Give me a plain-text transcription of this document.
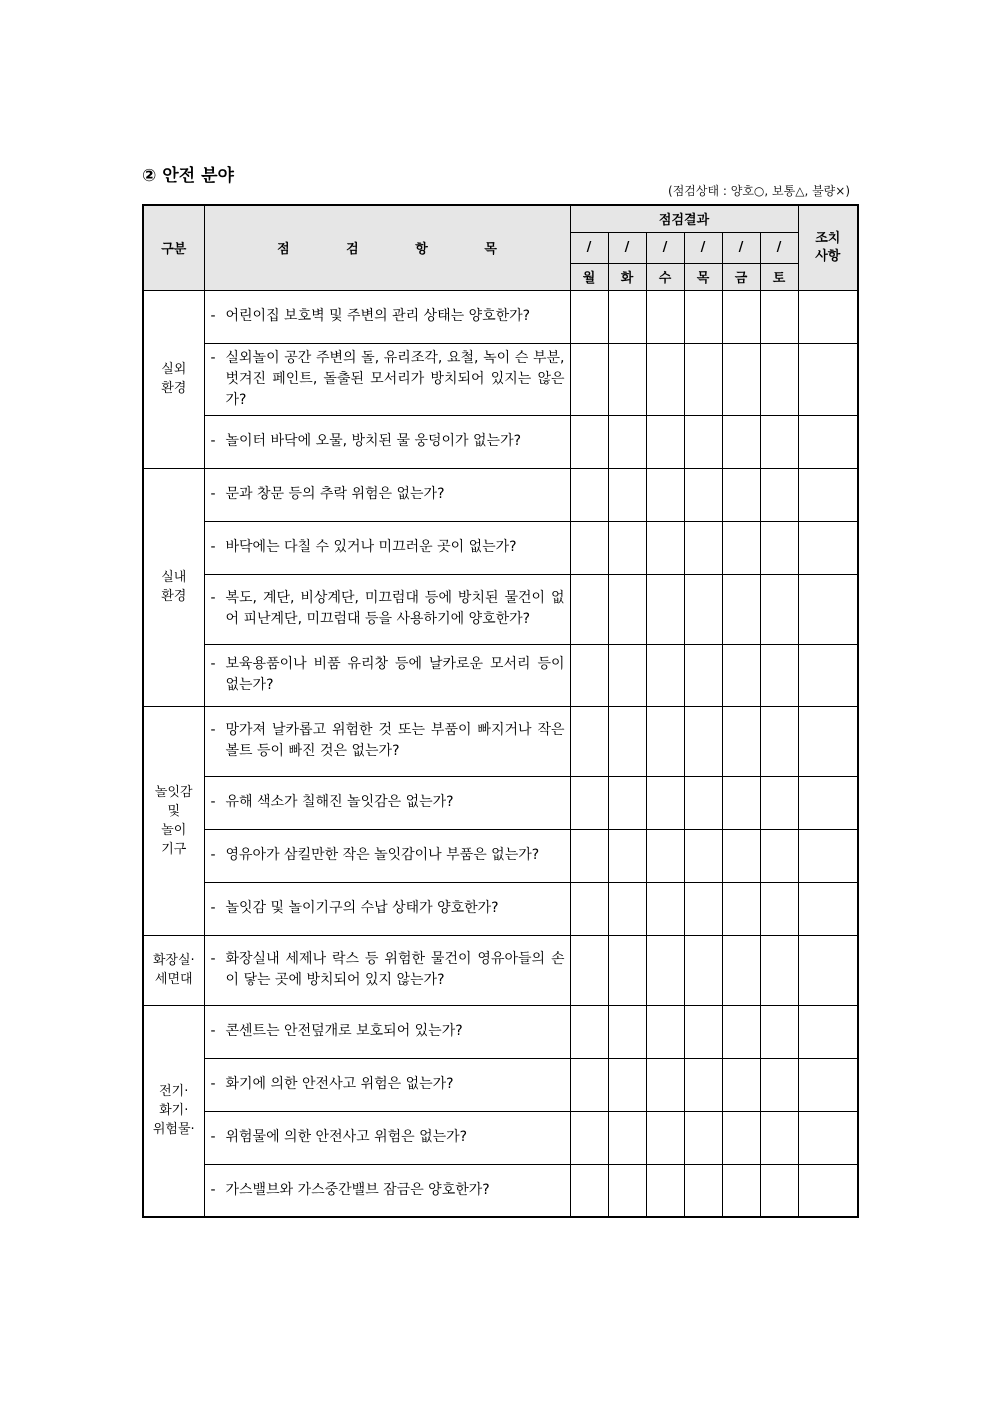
② 안전 분야
(점검상태 : 양호○, 보통△, 불량×)
구분	점 검 항 목	점검결과						조치
사항
		/	/	/	/	/	/	
		월	화	수	목	금	토	
실외
환경	- 어린이집 보호벽 및 주변의 관리 상태는 양호한가?							

	- 실외놀이 공간 주변의 돌, 유리조각, 요철, 녹이 슨 부분, 벗겨진 페인트, 돌출된 모서리가 방치되어 있지는 않은가?							

	- 놀이터 바닥에 오물, 방치된 물 웅덩이가 없는가?							

실내
환경	- 문과 창문 등의 추락 위험은 없는가?							

	- 바닥에는 다칠 수 있거나 미끄러운 곳이 없는가?							

	- 복도, 계단, 비상계단, 미끄럼대 등에 방치된 물건이 없어 피난계단, 미끄럼대 등을 사용하기에 양호한가?							

	- 보육용품이나 비품 유리창 등에 날카로운 모서리 등이 없는가?							

놀잇감
및
놀이
기구	- 망가져 날카롭고 위험한 것 또는 부품이 빠지거나 작은 볼트 등이 빠진 것은 없는가?							

	- 유해 색소가 칠해진 놀잇감은 없는가?							

	- 영유아가 삼킬만한 작은 놀잇감이나 부품은 없는가?							

	- 놀잇감 및 놀이기구의 수납 상태가 양호한가?							

화장실·
세면대	- 화장실내 세제나 락스 등 위험한 물건이 영유아들의 손이 닿는 곳에 방치되어 있지 않는가?							

전기·
화기·
위험물·	- 콘센트는 안전덮개로 보호되어 있는가?							

	- 화기에 의한 안전사고 위험은 없는가?							

	- 위험물에 의한 안전사고 위험은 없는가?							

	- 가스밸브와 가스중간밸브 잠금은 양호한가?							
